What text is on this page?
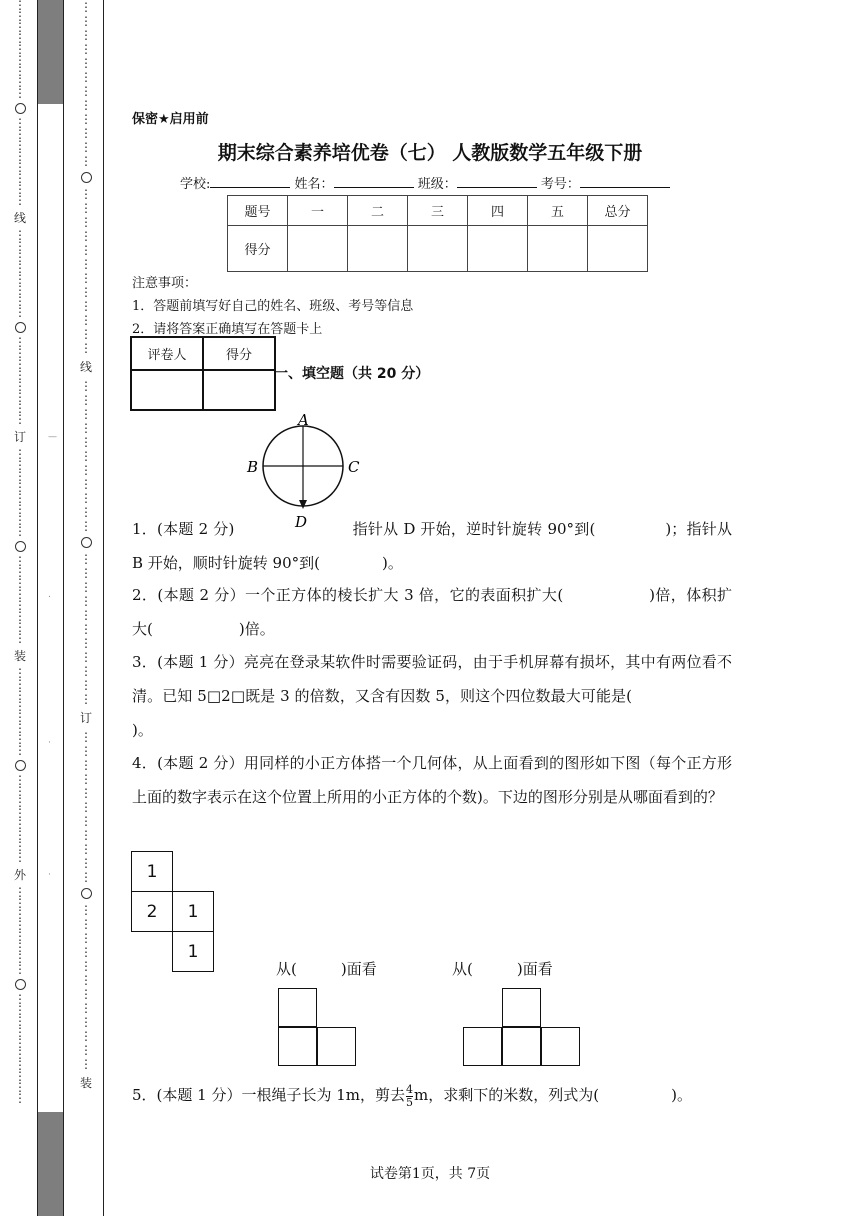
⋮
⋮
⋮
⋮
⋮
⋮
⋮
⋮
⋮
⋮
⋮
⋮
⋮
⋮
⋮
⋮
⋮
线
⋮
⋮
⋮
⋮
⋮
⋮
⋮
⋮
⋮
⋮
⋮
⋮
⋮
⋮
⋮
⋮
订
⋮
⋮
⋮
⋮
⋮
⋮
⋮
⋮
⋮
⋮
⋮
⋮
⋮
⋮
⋮
⋮
装
⋮
⋮
⋮
⋮
⋮
⋮
⋮
⋮
⋮
⋮
⋮
⋮
⋮
⋮
⋮
⋮
外
⋮
⋮
⋮
⋮
⋮
⋮
⋮
⋮
⋮
⋮
⋮
⋮
⋮
⋮
⋮
⋮
⋮
⋮
⋮
⋮
⋮
⋮
⋮
⋮
⋮
⋮
⋮
⋮
⋮
⋮
⋮
⋮
⋮
⋮
⋮
⋮
⋮
⋮
⋮
⋮
⋮
⋮
线
⋮
⋮
⋮
⋮
⋮
⋮
⋮
⋮
⋮
⋮
⋮
⋮
⋮
⋮
⋮
⋮
⋮
⋮
⋮
⋮
⋮
⋮
订
⋮
⋮
⋮
⋮
⋮
⋮
⋮
⋮
⋮
⋮
⋮
⋮
⋮
⋮
⋮
⋮
⋮
⋮
⋮
⋮
⋮
⋮
⋮
装
—
.
·
·
保密★启用前
期末综合素养培优卷（七） 人教版数学五年级下册
学校:	姓名：	班级：	考号：
题号	一	二	三	四	五	总分
得分						
注意事项：
1．答题前填写好自己的姓名、班级、考号等信息
2．请将答案正确填写在答题卡上
评卷人	得分

一、填空题（共 20 分）
A
B	C
D
1．(本题 2 分)	指针从 D 开始，逆时针旋转 90°到(	)；指针从 B 开始，顺时针旋转 90°到(	)。
2．(本题 2 分）一个正方体的棱长扩大 3 倍，它的表面积扩大(	)倍，体积扩大(	)倍。
3．(本题 1 分）亮亮在登录某软件时需要验证码，由于手机屏幕有损坏，其中有两位看不清。已知 5□2□既是 3 的倍数，又含有因数 5，则这个四位数最大可能是()。
4．(本题 2 分）用同样的小正方体搭一个几何体，从上面看到的图形如下图（每个正方形上面的数字表示在这个位置上所用的小正方体的个数)。下边的图形分别是从哪面看到的？
1
2	1
1
从(	)面看	从(	)面看
5．(本题 1 分）一根绳子长为 1m，剪去 $\frac{4}{5}$ m，求剩下的米数，列式为(	)。
试卷第1页，共 7页
